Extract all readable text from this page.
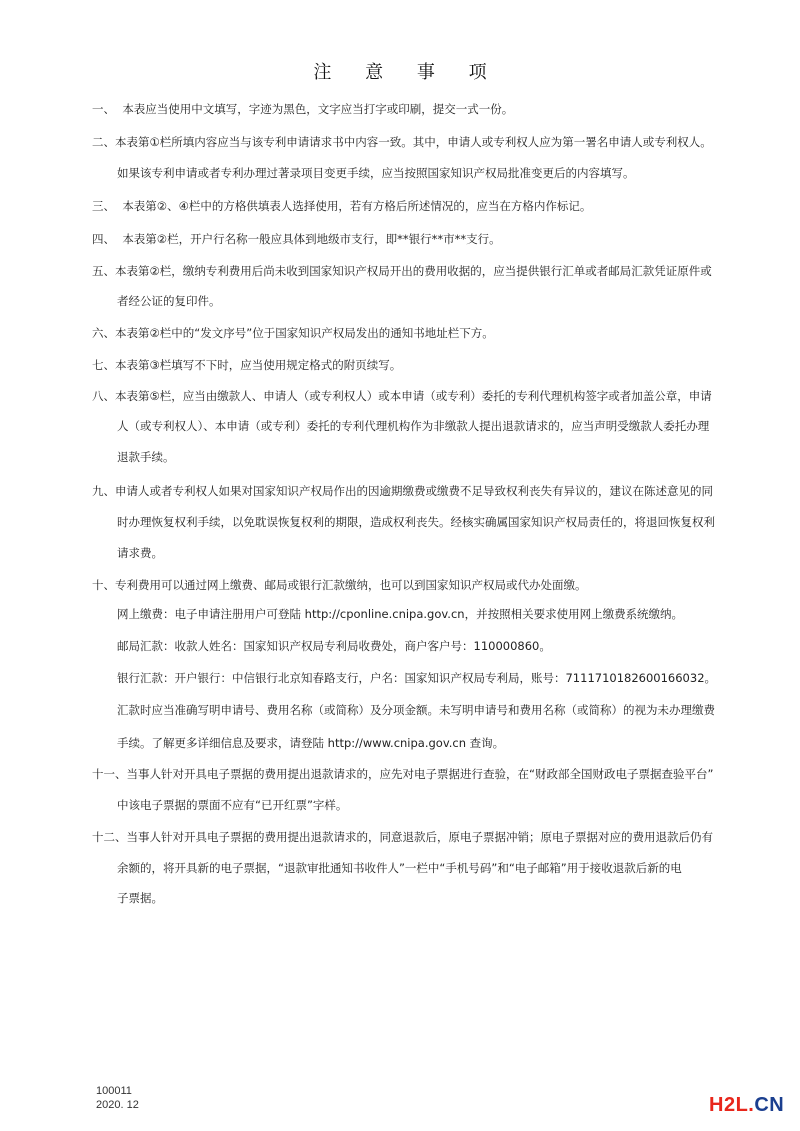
注 意 事 项
一、 本表应当使用中文填写，字迹为黑色，文字应当打字或印刷，提交一式一份。
二、本表第①栏所填内容应当与该专利申请请求书中内容一致。其中，申请人或专利权人应为第一署名申请人或专利权人。
如果该专利申请或者专利办理过著录项目变更手续，应当按照国家知识产权局批准变更后的内容填写。
三、 本表第②、④栏中的方格供填表人选择使用，若有方格后所述情况的，应当在方格内作标记。
四、 本表第②栏，开户行名称一般应具体到地级市支行，即**银行**市**支行。
五、本表第②栏，缴纳专利费用后尚未收到国家知识产权局开出的费用收据的，应当提供银行汇单或者邮局汇款凭证原件或
者经公证的复印件。
六、本表第②栏中的“发文序号”位于国家知识产权局发出的通知书地址栏下方。
七、本表第③栏填写不下时，应当使用规定格式的附页续写。
八、本表第⑤栏，应当由缴款人、申请人（或专利权人）或本申请（或专利）委托的专利代理机构签字或者加盖公章，申请
人（或专利权人）、本申请（或专利）委托的专利代理机构作为非缴款人提出退款请求的，应当声明受缴款人委托办理
退款手续。
九、申请人或者专利权人如果对国家知识产权局作出的因逾期缴费或缴费不足导致权利丧失有异议的，建议在陈述意见的同
时办理恢复权利手续，以免耽误恢复权利的期限，造成权利丧失。经核实确属国家知识产权局责任的，将退回恢复权利
请求费。
十、专利费用可以通过网上缴费、邮局或银行汇款缴纳，也可以到国家知识产权局或代办处面缴。
网上缴费：电子申请注册用户可登陆 http://cponline.cnipa.gov.cn，并按照相关要求使用网上缴费系统缴纳。
邮局汇款：收款人姓名：国家知识产权局专利局收费处，商户客户号：110000860。
银行汇款：开户银行：中信银行北京知春路支行，户名：国家知识产权局专利局，账号：7111710182600166032。
汇款时应当准确写明申请号、费用名称（或简称）及分项金额。未写明申请号和费用名称（或简称）的视为未办理缴费
手续。了解更多详细信息及要求，请登陆 http://www.cnipa.gov.cn 查询。
十一、当事人针对开具电子票据的费用提出退款请求的，应先对电子票据进行查验，在“财政部全国财政电子票据查验平台”
中该电子票据的票面不应有“已开红票”字样。
十二、当事人针对开具电子票据的费用提出退款请求的，同意退款后，原电子票据冲销；原电子票据对应的费用退款后仍有
余额的，将开具新的电子票据，“退款审批通知书收件人”一栏中“手机号码”和“电子邮箱”用于接收退款后新的电
子票据。
100011
2020. 12	H2L.CN
